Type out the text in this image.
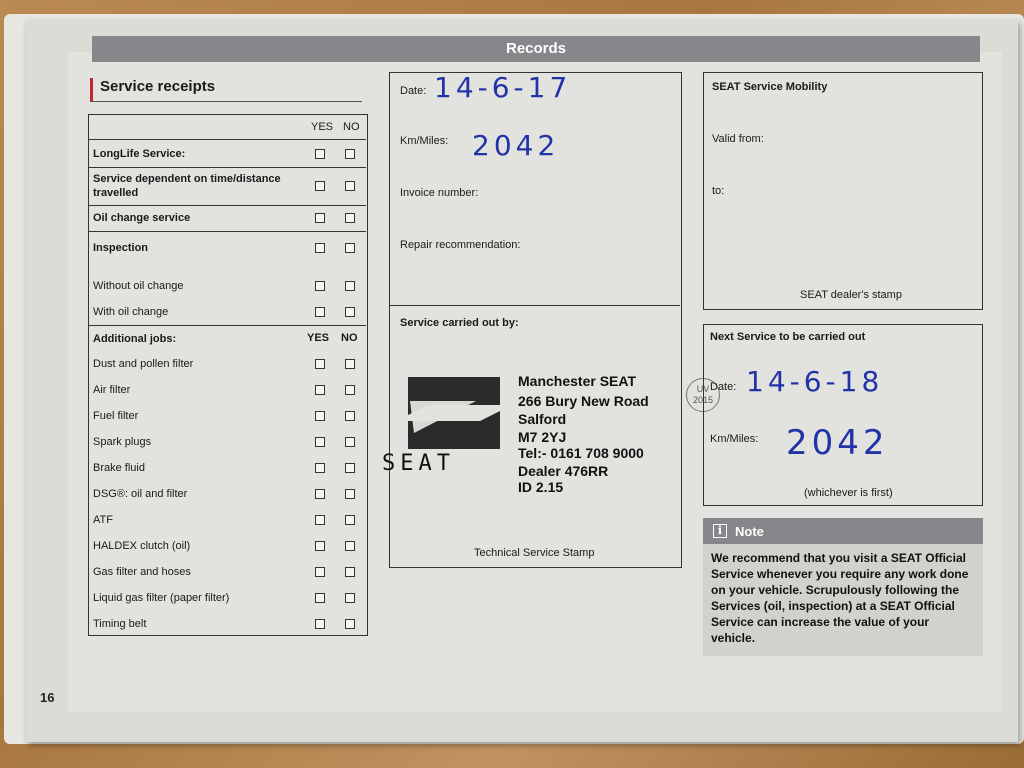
Records
Service receipts
YES NO
LongLife Service:
Service dependent on time/distance travelled
Oil change service
Inspection
Without oil change
With oil change
Additional jobs:	YES NO
Dust and pollen filter
Air filter
Fuel filter
Spark plugs
Brake fluid
DSG®: oil and filter
ATF
HALDEX clutch (oil)
Gas filter and hoses
Liquid gas filter (paper filter)
Timing belt
Date: 14-6-17
Km/Miles: 2042
Invoice number:
Repair recommendation:
Service carried out by:
SEAT
Manchester SEAT
266 Bury New Road
Salford
M7 2YJ
Tel:- 0161 708 9000
Dealer 476RR
ID 2.15
UV 2015
Technical Service Stamp
SEAT Service Mobility
Valid from:
to:
SEAT dealer's stamp
Next Service to be carried out
Date: 14-6-18
Km/Miles: 2042
(whichever is first)
i Note
We recommend that you visit a SEAT Official Service whenever you require any work done on your vehicle. Scrupulously following the Services (oil, inspection) at a SEAT Official Service can increase the value of your vehicle.
16
